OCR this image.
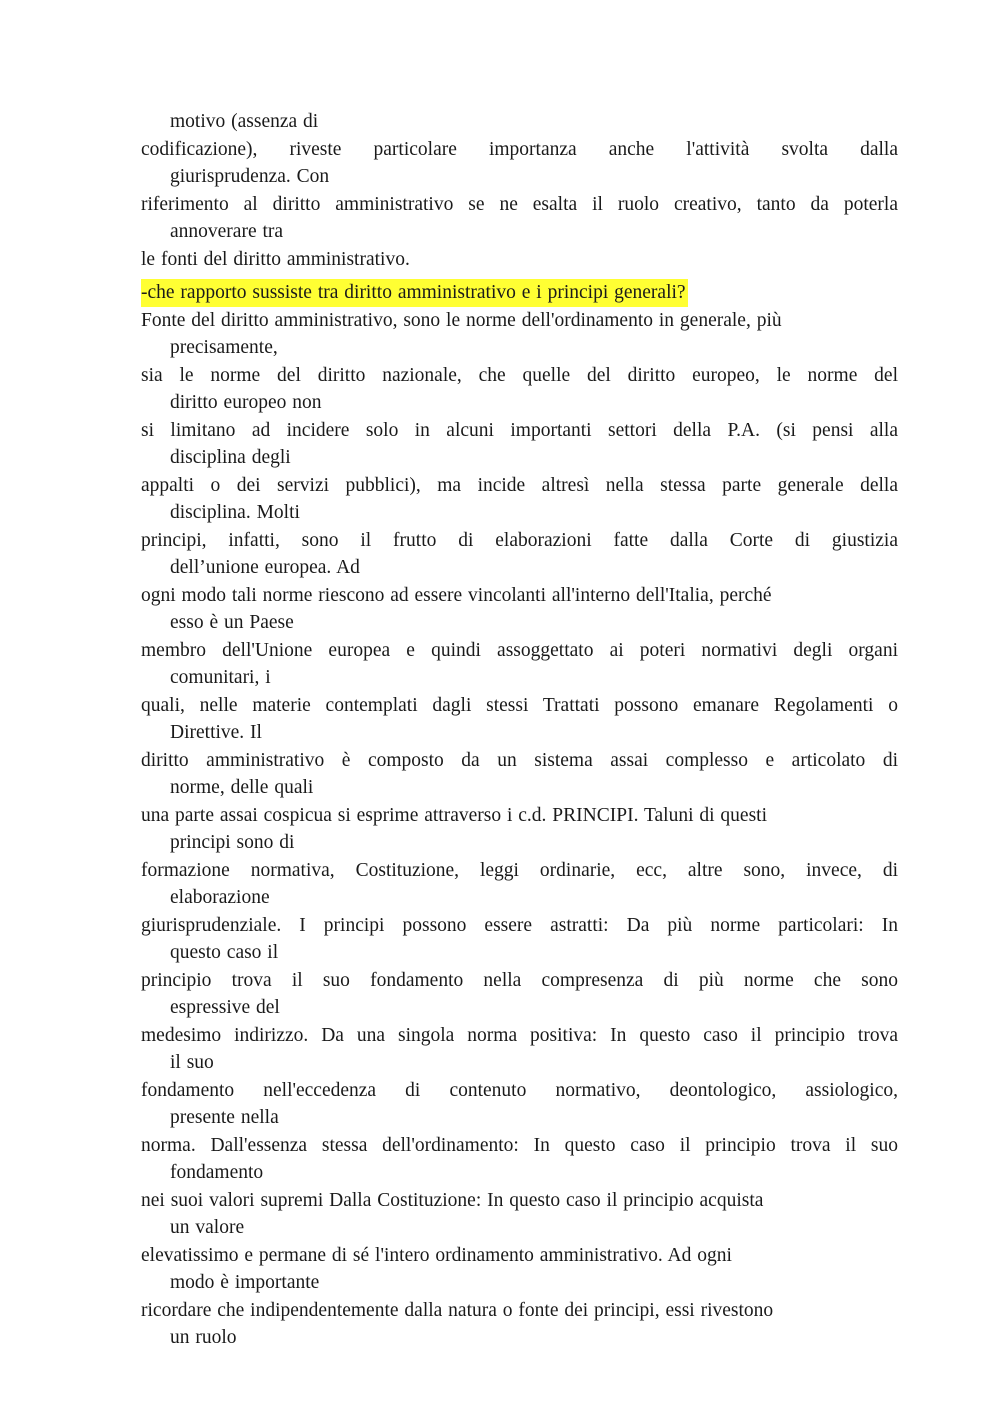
motivo (assenza di
codificazione), riveste particolare importanza anche l'attività svolta dalla
giurisprudenza. Con
riferimento al diritto amministrativo se ne esalta il ruolo creativo, tanto da poterla
annoverare tra
le fonti del diritto amministrativo.
-che rapporto sussiste tra diritto amministrativo e i principi generali?
Fonte del diritto amministrativo, sono le norme dell'ordinamento in generale, più
precisamente,
sia le norme del diritto nazionale, che quelle del diritto europeo, le norme del
diritto europeo non
si limitano ad incidere solo in alcuni importanti settori della P.A. (si pensi alla
disciplina degli
appalti o dei servizi pubblici), ma incide altresì nella stessa parte generale della
disciplina. Molti
principi, infatti, sono il frutto di elaborazioni fatte dalla Corte di giustizia
dell’unione europea. Ad
ogni modo tali norme riescono ad essere vincolanti all'interno dell'Italia, perché
esso è un Paese
membro dell'Unione europea e quindi assoggettato ai poteri normativi degli organi
comunitari, i
quali, nelle materie contemplati dagli stessi Trattati possono emanare Regolamenti o
Direttive. Il
diritto amministrativo è composto da un sistema assai complesso e articolato di
norme, delle quali
una parte assai cospicua si esprime attraverso i c.d. PRINCIPI. Taluni di questi
principi sono di
formazione normativa, Costituzione, leggi ordinarie, ecc, altre sono, invece, di
elaborazione
giurisprudenziale. I principi possono essere astratti: Da più norme particolari: In
questo caso il
principio trova il suo fondamento nella compresenza di più norme che sono
espressive del
medesimo indirizzo. Da una singola norma positiva: In questo caso il principio trova
il suo
fondamento nell'eccedenza di contenuto normativo, deontologico, assiologico,
presente nella
norma. Dall'essenza stessa dell'ordinamento: In questo caso il principio trova il suo
fondamento
nei suoi valori supremi Dalla Costituzione: In questo caso il principio acquista
un valore
elevatissimo e permane di sé l'intero ordinamento amministrativo. Ad ogni
modo è importante
ricordare che indipendentemente dalla natura o fonte dei principi, essi rivestono
un ruolo
